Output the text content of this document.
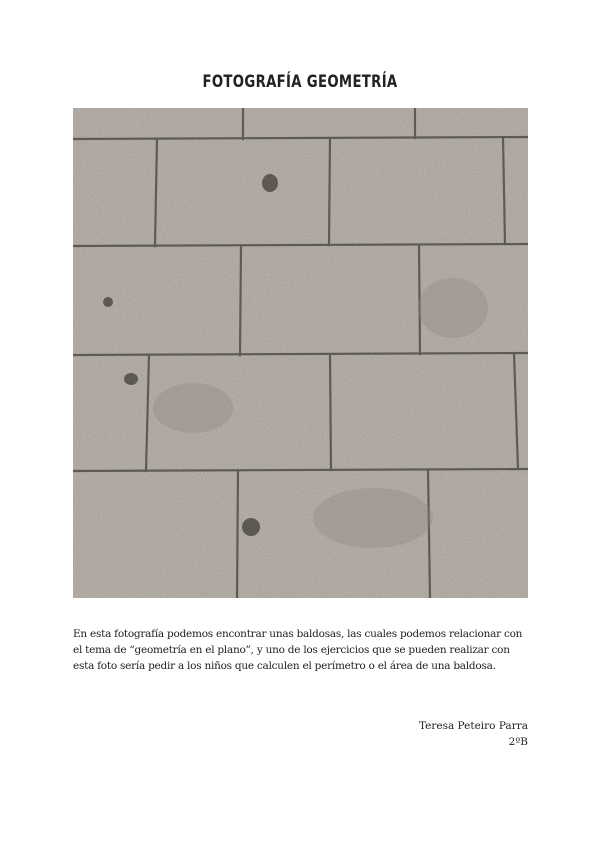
FOTOGRAFÍA GEOMETRÍA
En esta fotografía podemos encontrar unas baldosas, las cuales podemos relacionar con el tema de “geometría en el plano”, y uno de los ejercicios que se pueden realizar con esta foto sería pedir a los niños que calculen el perímetro o el área de una baldosa.
Teresa Peteiro Parra
2ºB
